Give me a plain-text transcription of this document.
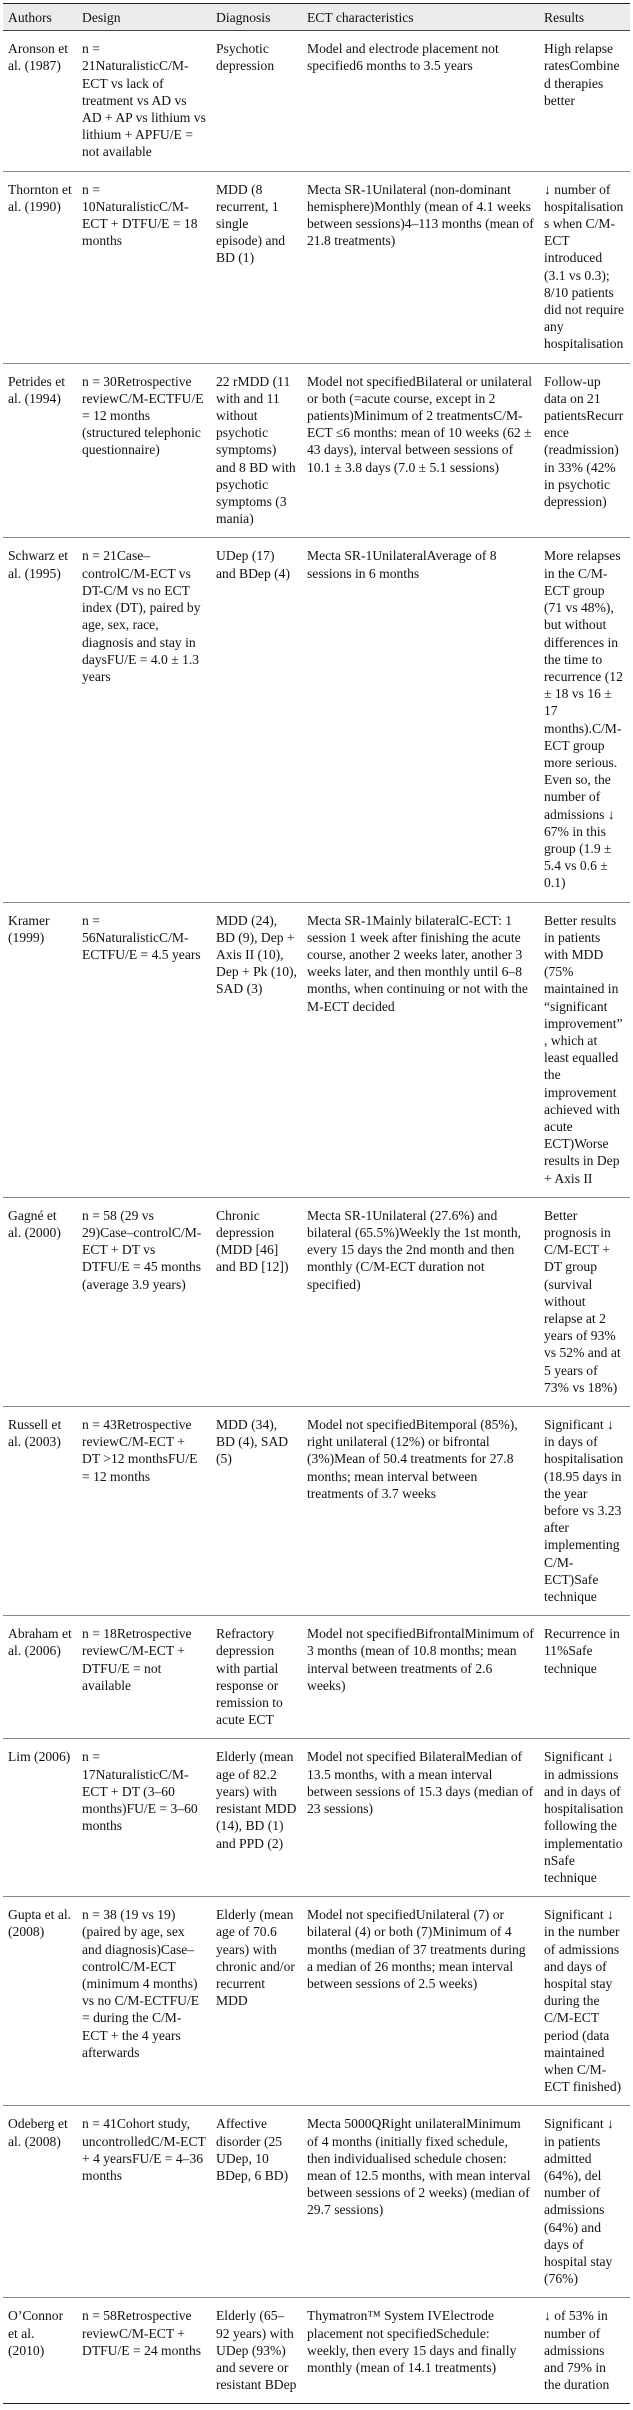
Authors	Design	Diagnosis	ECT characteristics	Results
Aronson et al. (1987)	n = 21NaturalisticC/M-ECT vs lack of treatment vs AD vs AD + AP vs lithium vs lithium + APFU/E = not available	Psychotic depression	Model and electrode placement not specified6 months to 3.5 years	High relapse ratesCombined therapies better
Thornton et al. (1990)	n = 10NaturalisticC/M-ECT + DTFU/E = 18 months	MDD (8 recurrent, 1 single episode) and BD (1)	Mecta SR-1Unilateral (non-dominant hemisphere)Monthly (mean of 4.1 weeks between sessions)4–113 months (mean of 21.8 treatments)	↓ number of hospitalisations when C/M-ECT introduced (3.1 vs 0.3); 8/10 patients did not require any hospitalisation
Petrides et al. (1994)	n = 30Retrospective reviewC/M-ECTFU/E = 12 months (structured telephonic questionnaire)	22 rMDD (11 with and 11 without psychotic symptoms) and 8 BD with psychotic symptoms (3 mania)	Model not specifiedBilateral or unilateral or both (=acute course, except in 2 patients)Minimum of 2 treatmentsC/M-ECT ≤6 months: mean of 10 weeks (62 ± 43 days), interval between sessions of 10.1 ± 3.8 days (7.0 ± 5.1 sessions)	Follow-up data on 21 patientsRecurrence (readmission) in 33% (42% in psychotic depression)
Schwarz et al. (1995)	n = 21Case–controlC/M-ECT vs DT-C/M vs no ECT index (DT), paired by age, sex, race, diagnosis and stay in daysFU/E = 4.0 ± 1.3 years	UDep (17) and BDep (4)	Mecta SR-1UnilateralAverage of 8 sessions in 6 months	More relapses in the C/M-ECT group (71 vs 48%), but without differences in the time to recurrence (12 ± 18 vs 16 ± 17 months).C/M-ECT group more serious. Even so, the number of admissions ↓ 67% in this group (1.9 ± 5.4 vs 0.6 ± 0.1)
Kramer (1999)	n = 56NaturalisticC/M-ECTFU/E = 4.5 years	MDD (24), BD (9), Dep + Axis II (10), Dep + Pk (10), SAD (3)	Mecta SR-1Mainly bilateralC-ECT: 1 session 1 week after finishing the acute course, another 2 weeks later, another 3 weeks later, and then monthly until 6–8 months, when continuing or not with the M-ECT decided	Better results in patients with MDD (75% maintained in “significant improvement”, which at least equalled the improvement achieved with acute ECT)Worse results in Dep + Axis II
Gagné et al. (2000)	n = 58 (29 vs 29)Case–controlC/M-ECT + DT vs DTFU/E = 45 months (average 3.9 years)	Chronic depression (MDD [46] and BD [12])	Mecta SR-1Unilateral (27.6%) and bilateral (65.5%)Weekly the 1st month, every 15 days the 2nd month and then monthly (C/M-ECT duration not specified)	Better prognosis in C/M-ECT + DT group (survival without relapse at 2 years of 93% vs 52% and at 5 years of 73% vs 18%)
Russell et al. (2003)	n = 43Retrospective reviewC/M-ECT + DT >12 monthsFU/E = 12 months	MDD (34), BD (4), SAD (5)	Model not specifiedBitemporal (85%), right unilateral (12%) or bifrontal (3%)Mean of 50.4 treatments for 27.8 months; mean interval between treatments of 3.7 weeks	Significant ↓ in days of hospitalisation (18.95 days in the year before vs 3.23 after implementing C/M-ECT)Safe technique
Abraham et al. (2006)	n = 18Retrospective reviewC/M-ECT + DTFU/E = not available	Refractory depression with partial response or remission to acute ECT	Model not specifiedBifrontalMinimum of 3 months (mean of 10.8 months; mean interval between treatments of 2.6 weeks)	Recurrence in 11%Safe technique
Lim (2006)	n = 17NaturalisticC/M-ECT + DT (3–60 months)FU/E = 3–60 months	Elderly (mean age of 82.2 years) with resistant MDD (14), BD (1) and PPD (2)	Model not specified BilateralMedian of 13.5 months, with a mean interval between sessions of 15.3 days (median of 23 sessions)	Significant ↓ in admissions and in days of hospitalisation following the implementationSafe technique
Gupta et al. (2008)	n = 38 (19 vs 19) (paired by age, sex and diagnosis)Case–controlC/M-ECT (minimum 4 months) vs no C/M-ECTFU/E = during the C/M-ECT + the 4 years afterwards	Elderly (mean age of 70.6 years) with chronic and/or recurrent MDD	Model not specifiedUnilateral (7) or bilateral (4) or both (7)Minimum of 4 months (median of 37 treatments during a median of 26 months; mean interval between sessions of 2.5 weeks)	Significant ↓ in the number of admissions and days of hospital stay during the C/M-ECT period (data maintained when C/M-ECT finished)
Odeberg et al. (2008)	n = 41Cohort study, uncontrolledC/M-ECT + 4 yearsFU/E = 4–36 months	Affective disorder (25 UDep, 10 BDep, 6 BD)	Mecta 5000QRight unilateralMinimum of 4 months (initially fixed schedule, then individualised schedule chosen: mean of 12.5 months, with mean interval between sessions of 2 weeks) (median of 29.7 sessions)	Significant ↓ in patients admitted (64%), del number of admissions (64%) and days of hospital stay (76%)
O’Connor et al. (2010)	n = 58Retrospective reviewC/M-ECT + DTFU/E = 24 months	Elderly (65–92 years) with UDep (93%) and severe or resistant BDep	Thymatron™ System IVElectrode placement not specifiedSchedule: weekly, then every 15 days and finally monthly (mean of 14.1 treatments)	↓ of 53% in number of admissions and 79% in the duration
